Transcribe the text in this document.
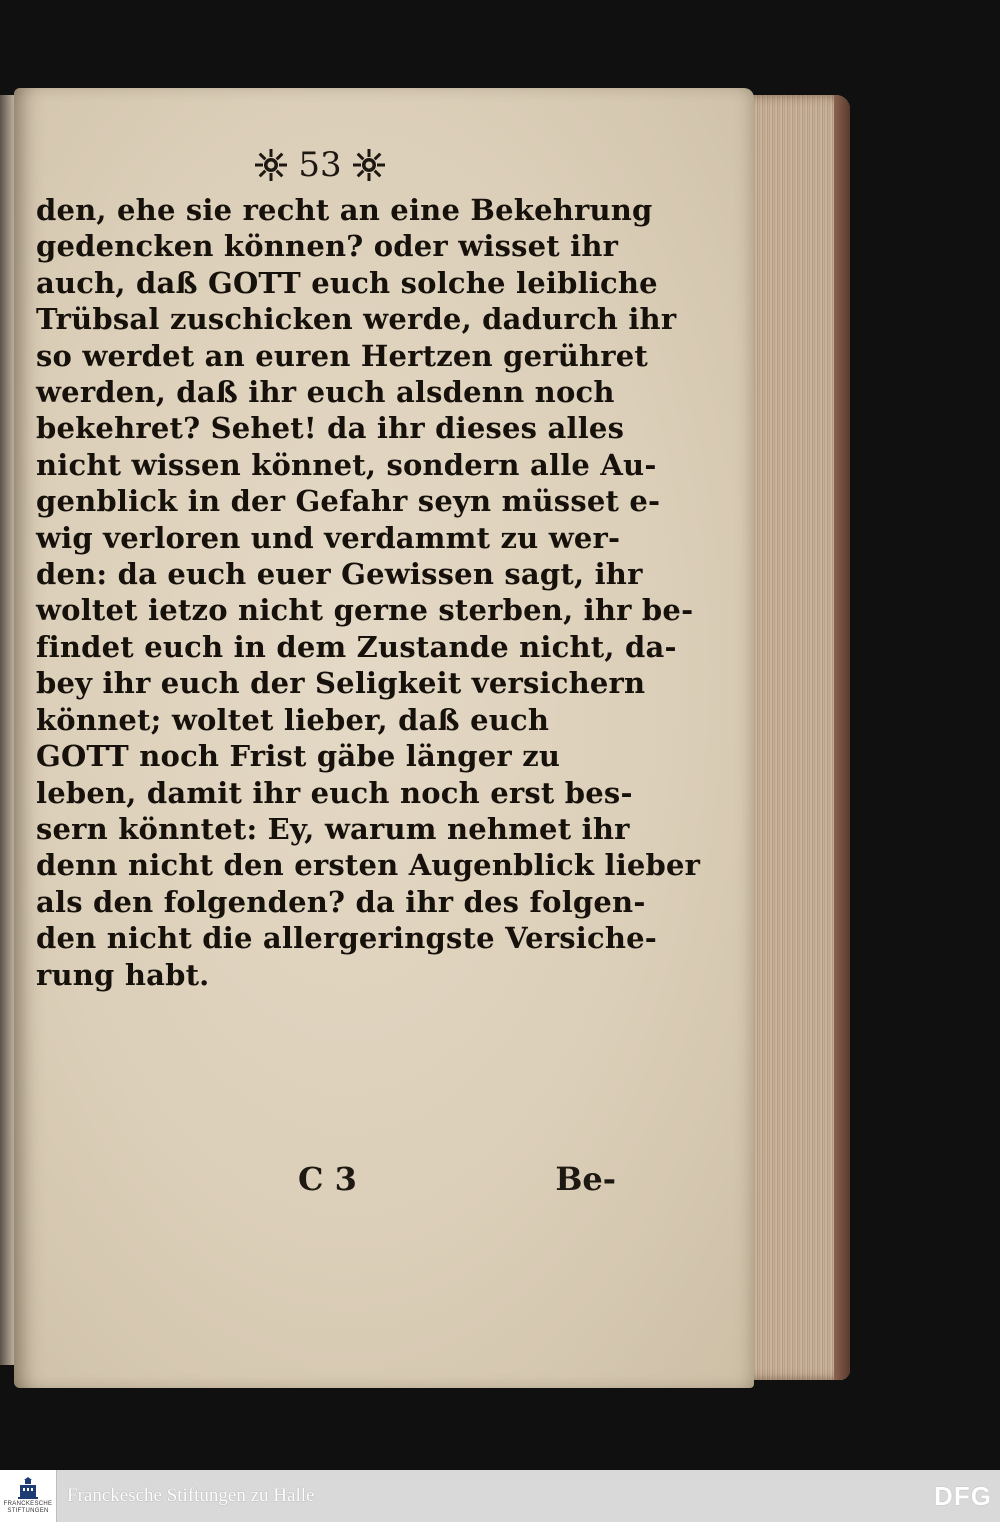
53
den, ehe sie recht an eine Bekehrung
gedencken können? oder wisset ihr
auch, daß GOTT euch solche leibliche
Trübsal zuschicken werde, dadurch ihr
so werdet an euren Hertzen gerühret
werden, daß ihr euch alsdenn noch
bekehret? Sehet! da ihr dieses alles
nicht wissen könnet, sondern alle Au-
genblick in der Gefahr seyn müsset e-
wig verloren und verdammt zu wer-
den: da euch euer Gewissen sagt, ihr
woltet ietzo nicht gerne sterben, ihr be-
findet euch in dem Zustande nicht, da-
bey ihr euch der Seligkeit versichern
könnet; woltet lieber, daß euch
GOTT noch Frist gäbe länger zu
leben, damit ihr euch noch erst bes-
sern könntet: Ey, warum nehmet ihr
denn nicht den ersten Augenblick lieber
als den folgenden? da ihr des folgen-
den nicht die allergeringste Versiche-
rung habt.
C 3	Be-
FRANCKESCHE
STIFTUNGEN
Franckesche Stiftungen zu Halle	DFG
